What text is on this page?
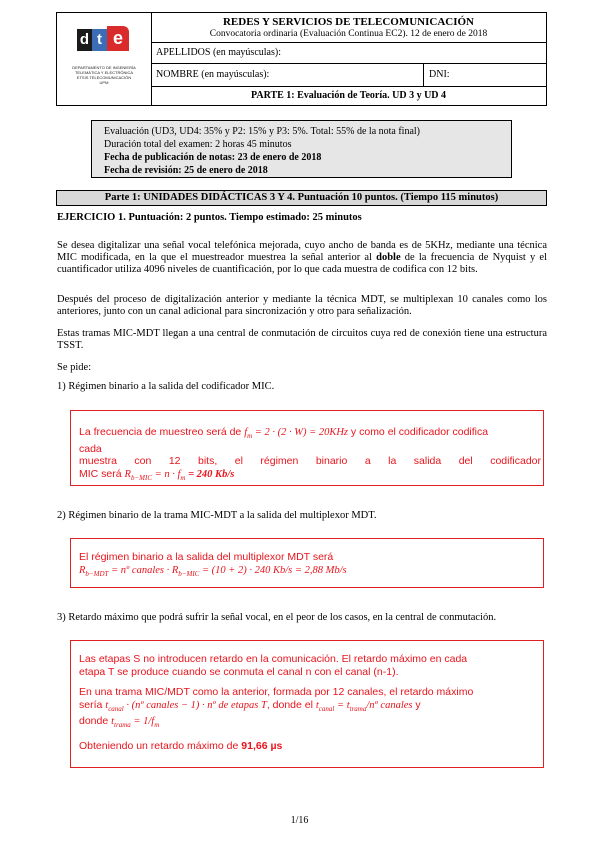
d t e
DEPARTAMENTO DE INGENIERÍA
TELEMÁTICA Y ELECTRÓNICA
ETSIS TELECOMUNICACIÓN
UPM
REDES Y SERVICIOS DE TELECOMUNICACIÓN
Convocatoria ordinaria (Evaluación Continua EC2). 12 de enero de 2018
APELLIDOS (en mayúsculas):
NOMBRE (en mayúsculas):	DNI:
PARTE 1: Evaluación de Teoría. UD 3 y UD 4
Evaluación (UD3, UD4: 35% y P2: 15% y P3: 5%. Total: 55% de la nota final)
Duración total del examen: 2 horas 45 minutos
Fecha de publicación de notas: 23 de enero de 2018
Fecha de revisión: 25 de enero de 2018
Parte 1: UNIDADES DIDÁCTICAS 3 Y 4. Puntuación 10 puntos. (Tiempo 115 minutos)
EJERCICIO 1. Puntuación: 2 puntos. Tiempo estimado: 25 minutos
Se desea digitalizar una señal vocal telefónica mejorada, cuyo ancho de banda es de 5KHz, mediante una técnica MIC modificada, en la que el muestreador muestrea la señal anterior al doble de la frecuencia de Nyquist y el cuantificador utiliza 4096 niveles de cuantificación, por lo que cada muestra de codifica con 12 bits.
Después del proceso de digitalización anterior y mediante la técnica MDT, se multiplexan 10 canales como los anteriores, junto con un canal adicional para sincronización y otro para señalización.
Estas tramas MIC-MDT llegan a una central de conmutación de circuitos cuya red de conexión tiene una estructura TSST.
Se pide:
1) Régimen binario a la salida del codificador MIC.
La frecuencia de muestreo será de $f_m = 2 \cdot (2 \cdot W) = 20KHz$ y como el codificador codifica
cada
muestra con 12 bits, el régimen binario a la salida del codificador
MIC será $R_{b-MIC} = n \cdot f_m = 240$ Kb/s
2) Régimen binario de la trama MIC-MDT a la salida del multiplexor MDT.
El régimen binario a la salida del multiplexor MDT será
$R_{b-MDT}$ = nº canales · $R_{b-MIC} = (10 + 2) \cdot 240$ Kb/s = 2,88 Mb/s
3) Retardo máximo que podrá sufrir la señal vocal, en el peor de los casos, en la central de conmutación.
Las etapas S no introducen retardo en la comunicación. El retardo máximo en cada
etapa T se produce cuando se conmuta el canal n con el canal (n-1).
En una trama MIC/MDT como la anterior, formada por 12 canales, el retardo máximo
sería $t_{canal}$ · (nº canales − 1) · nº de etapas T, donde el $t_{canal}$ = $t_{trama}/nº$ canales y
donde $t_{trama} = 1/f_m$
Obteniendo un retardo máximo de 91,66 µs
1/16
